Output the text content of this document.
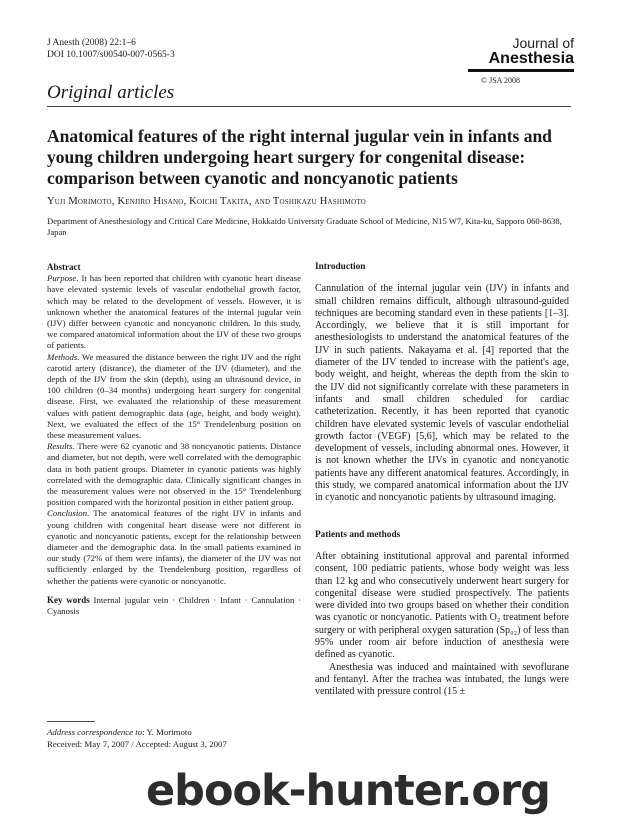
J Anesth (2008) 22:1–6
DOI 10.1007/s00540-007-0565-3
Journal of
Anesthesia
© JSA 2008
Original articles
Anatomical features of the right internal jugular vein in infants and young children undergoing heart surgery for congenital disease: comparison between cyanotic and noncyanotic patients
Yuji Morimoto, Kenjiro Hisano, Koichi Takita, and Toshikazu Hashimoto
Department of Anesthesiology and Critical Care Medicine, Hokkaido University Graduate School of Medicine, N15 W7, Kita-ku, Sapporo 060-8638, Japan

Abstract

Purpose. It has been reported that children with cyanotic heart disease have elevated systemic levels of vascular endothelial growth factor, which may be related to the development of vessels. However, it is unknown whether the anatomical features of the internal jugular vein (IJV) differ between cyanotic and noncyanotic children. In this study, we compared anatomical information about the IJV of these two groups of patients.

Methods. We measured the distance between the right IJV and the right carotid artery (distance), the diameter of the IJV (diameter), and the depth of the IJV from the skin (depth), using an ultrasound device, in 100 children (0–34 months) undergoing heart surgery for congenital disease. First, we evaluated the relationship of these measurement values with patient demographic data (age, height, and body weight). Next, we evaluated the effect of the 15° Trendelenburg position on these measurement values.

Results. There were 62 cyanotic and 38 noncyanotic patients. Distance and diameter, but not depth, were well correlated with the demographic data in both patient groups. Diameter in cyanotic patients was highly correlated with the demographic data. Clinically significant changes in the measurement values were not observed in the 15° Trendelenburg position compared with the horizontal position in either patient group.

Conclusion. The anatomical features of the right IJV in infants and young children with congenital heart disease were not different in cyanotic and noncyanotic patients, except for the relationship between diameter and the demographic data. In the small patients examined in our study (72% of them were infants), the diameter of the IJV was not sufficiently enlarged by the Trendelenburg position, regardless of whether the patients were cyanotic or noncyanotic.

Key words Internal jugular vein · Children · Infant · Cannulation · Cyanosis

Address correspondence to: Y. Morimoto
Received: May 7, 2007 / Accepted: August 3, 2007

Introduction

Cannulation of the internal jugular vein (IJV) in infants and small children remains difficult, although ultrasound-guided techniques are becoming standard even in these patients [1–3]. Accordingly, we believe that it is still important for anesthesiologists to understand the anatomical features of the IJV in such patients. Nakayama et al. [4] reported that the diameter of the IJV tended to increase with the patient's age, body weight, and height, whereas the depth from the skin to the IJV did not significantly correlate with these parameters in infants and small children scheduled for cardiac catheterization. Recently, it has been reported that cyanotic children have elevated systemic levels of vascular endothelial growth factor (VEGF) [5,6], which may be related to the development of vessels, including abnormal ones. However, it is not known whether the IJVs in cyanotic and noncyanotic patients have any different anatomical features. Accordingly, in this study, we compared anatomical information about the IJV in cyanotic and noncyanotic patients by ultrasound imaging.

Patients and methods

After obtaining institutional approval and parental informed consent, 100 pediatric patients, whose body weight was less than 12 kg and who consecutively underwent heart surgery for congenital disease were studied prospectively. The patients were divided into two groups based on whether their condition was cyanotic or noncyanotic. Patients with O₂ treatment before surgery or with peripheral oxygen saturation (Sp₀₂) of less than 95% under room air before induction of anesthesia were defined as cyanotic.

Anesthesia was induced and maintained with sevoflurane and fentanyl. After the trachea was intubated, the lungs were ventilated with pressure control (15 ±

ebook-hunter.org
